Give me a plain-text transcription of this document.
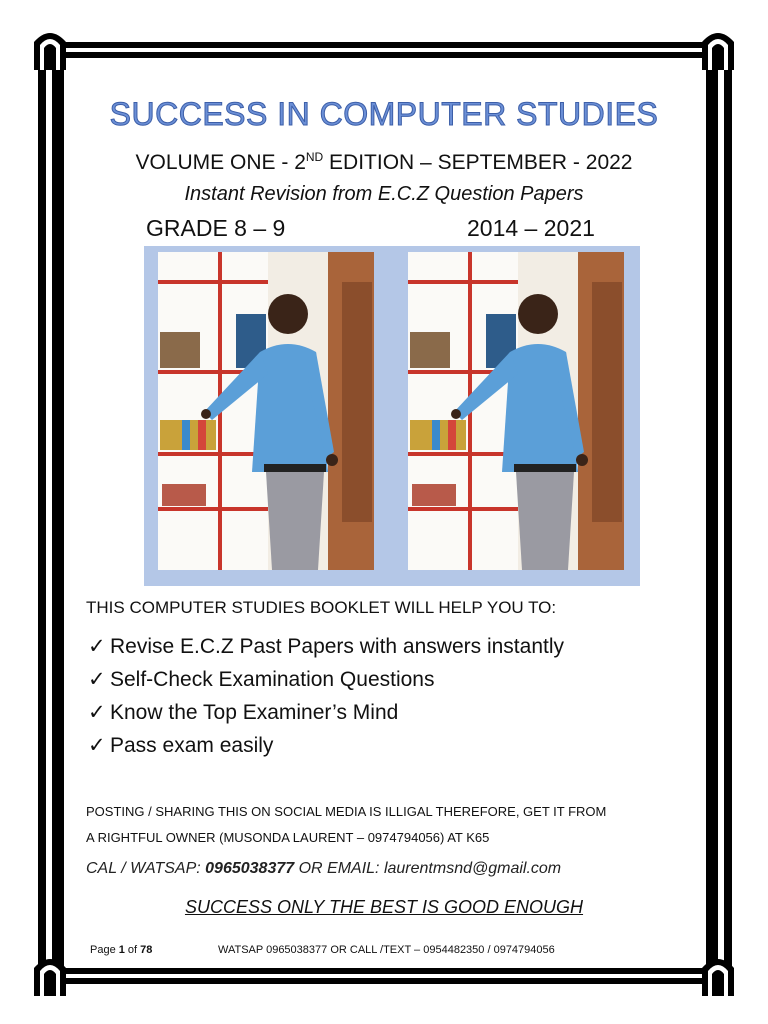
SUCCESS IN COMPUTER STUDIES
VOLUME ONE - 2ND EDITION – SEPTEMBER - 2022
Instant Revision from E.C.Z Question Papers
GRADE 8 – 9	2014 – 2021
THIS COMPUTER STUDIES BOOKLET WILL HELP YOU TO:
✓ Revise E.C.Z Past Papers with answers instantly
✓ Self-Check Examination Questions
✓ Know the Top Examiner’s Mind
✓ Pass exam easily
POSTING / SHARING THIS ON SOCIAL MEDIA IS ILLIGAL THEREFORE, GET IT FROM
A RIGHTFUL OWNER (MUSONDA LAURENT – 0974794056) AT K65
CAL / WATSAP: 0965038377 OR EMAIL: laurentmsnd@gmail.com
SUCCESS ONLY THE BEST IS GOOD ENOUGH
Page 1 of 78	WATSAP 0965038377 OR CALL /TEXT – 0954482350 / 0974794056
